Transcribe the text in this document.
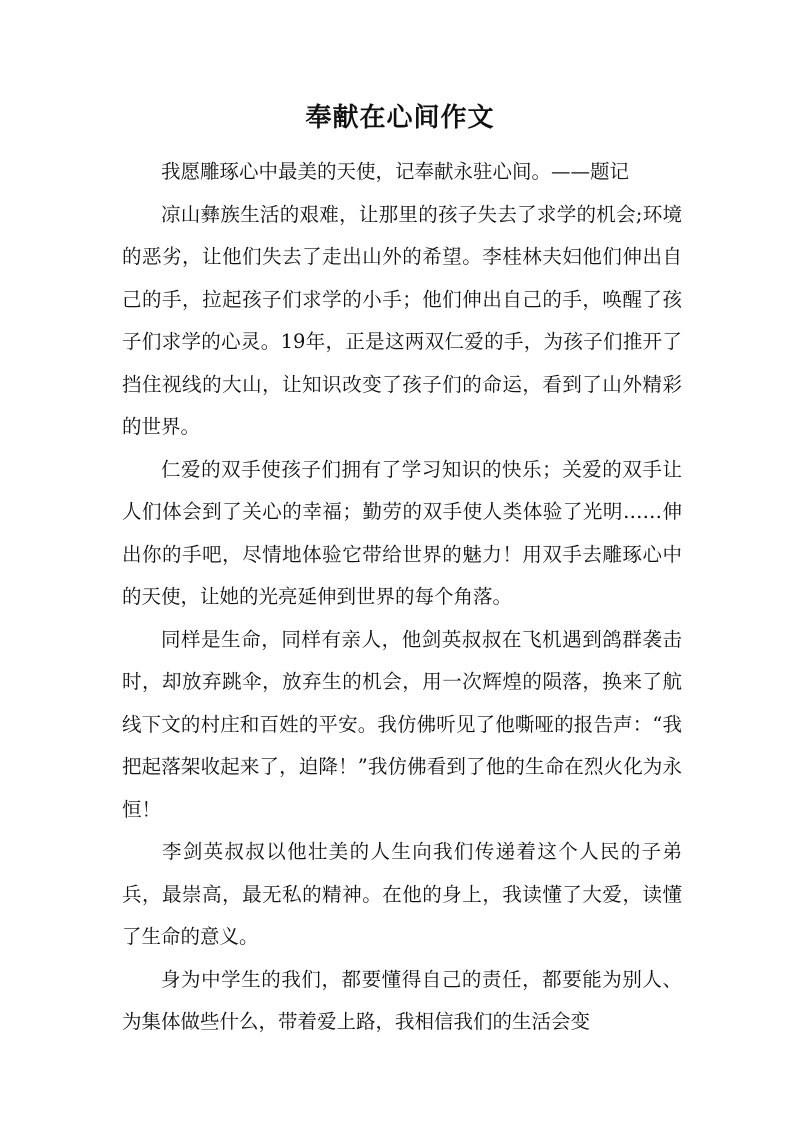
奉献在心间作文

我愿雕琢心中最美的天使，记奉献永驻心间。——题记

凉山彝族生活的艰难，让那里的孩子失去了求学的机会;环境的恶劣，让他们失去了走出山外的希望。李桂林夫妇他们伸出自己的手，拉起孩子们求学的小手；他们伸出自己的手，唤醒了孩子们求学的心灵。19年，正是这两双仁爱的手，为孩子们推开了挡住视线的大山，让知识改变了孩子们的命运，看到了山外精彩的世界。

仁爱的双手使孩子们拥有了学习知识的快乐；关爱的双手让人们体会到了关心的幸福；勤劳的双手使人类体验了光明……伸出你的手吧，尽情地体验它带给世界的魅力！用双手去雕琢心中的天使，让她的光亮延伸到世界的每个角落。

同样是生命，同样有亲人，他剑英叔叔在飞机遇到鸽群袭击时，却放弃跳伞，放弃生的机会，用一次辉煌的陨落，换来了航线下文的村庄和百姓的平安。我仿佛听见了他嘶哑的报告声：“我把起落架收起来了，迫降！”我仿佛看到了他的生命在烈火化为永恒！

李剑英叔叔以他壮美的人生向我们传递着这个人民的子弟兵，最崇高，最无私的精神。在他的身上，我读懂了大爱，读懂了生命的意义。

身为中学生的我们，都要懂得自己的责任，都要能为别人、为集体做些什么，带着爱上路，我相信我们的生活会变
